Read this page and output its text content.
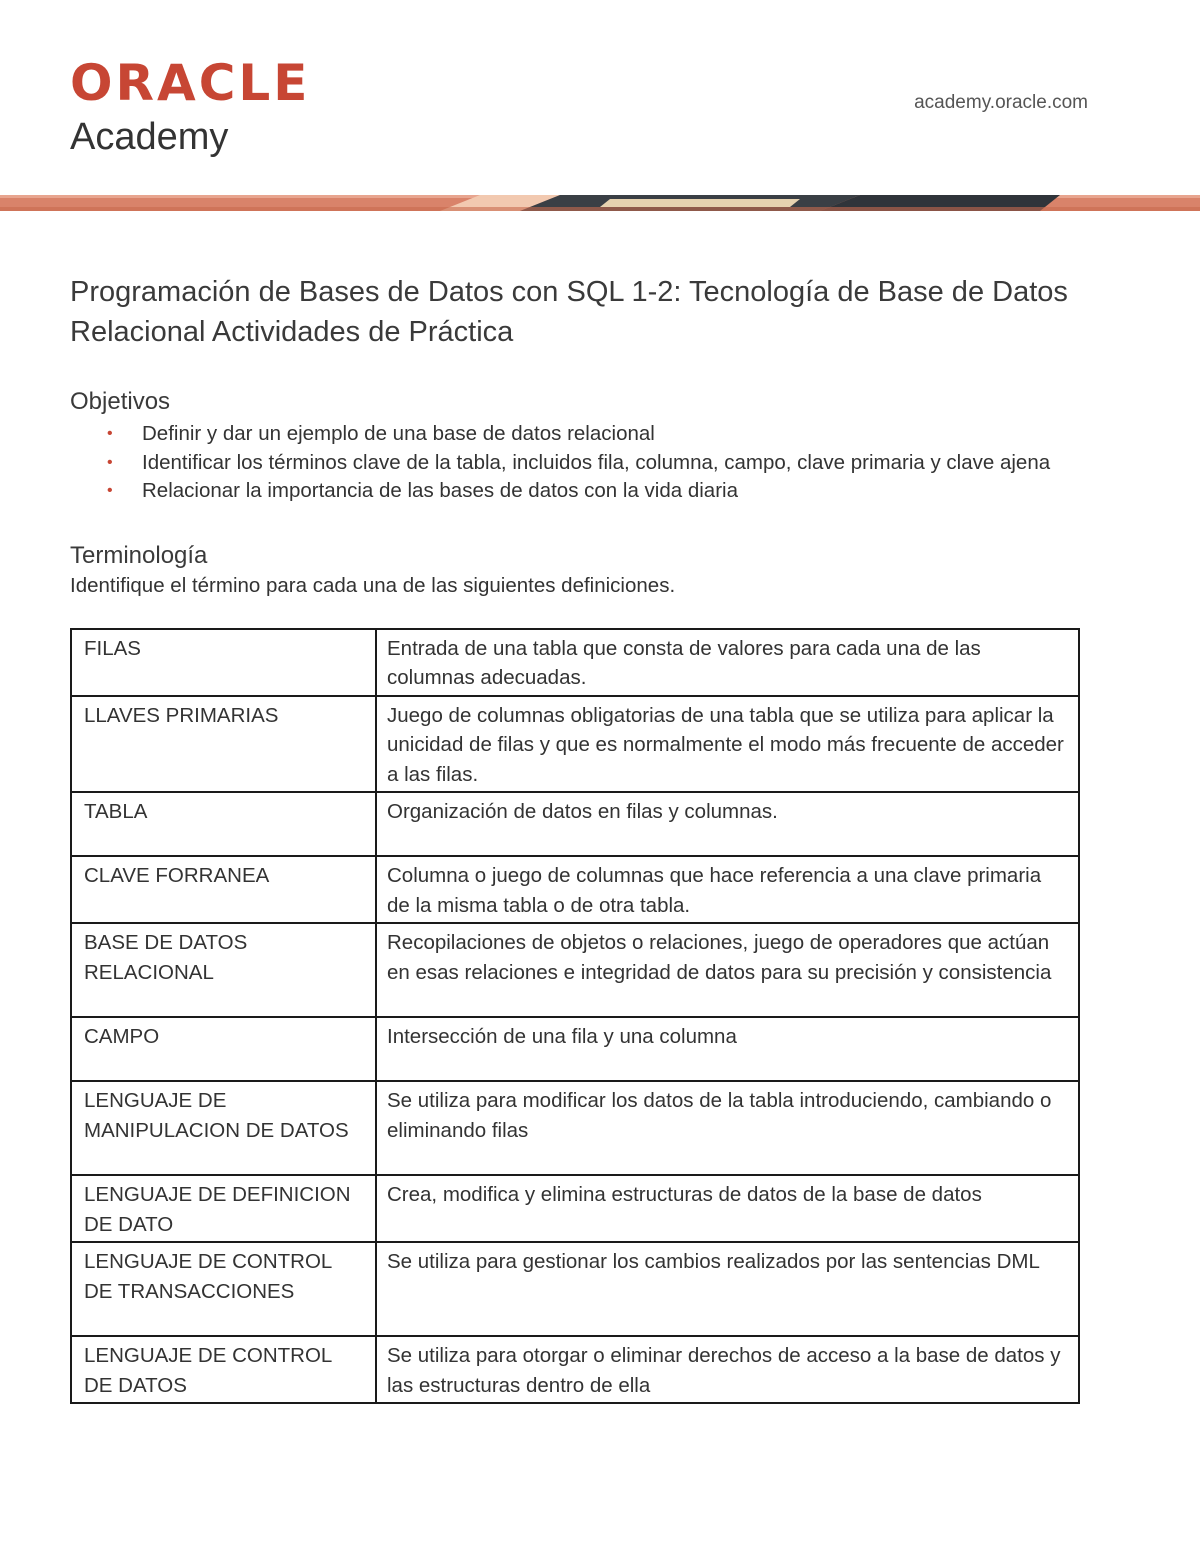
ORACLE
Academy
academy.oracle.com
Programación de Bases de Datos con SQL 1-2: Tecnología de Base de Datos Relacional Actividades de Práctica
Objetivos
• Definir y dar un ejemplo de una base de datos relacional
• Identificar los términos clave de la tabla, incluidos fila, columna, campo, clave primaria y clave ajena
• Relacionar la importancia de las bases de datos con la vida diaria
Terminología
Identifique el término para cada una de las siguientes definiciones.
FILAS	Entrada de una tabla que consta de valores para cada una de las columnas adecuadas.
LLAVES PRIMARIAS	Juego de columnas obligatorias de una tabla que se utiliza para aplicar la unicidad de filas y que es normalmente el modo más frecuente de acceder a las filas.
TABLA	Organización de datos en filas y columnas.
CLAVE FORRANEA	Columna o juego de columnas que hace referencia a una clave primaria de la misma tabla o de otra tabla.
BASE DE DATOS RELACIONAL	Recopilaciones de objetos o relaciones, juego de operadores que actúan en esas relaciones e integridad de datos para su precisión y consistencia
CAMPO	Intersección de una fila y una columna
LENGUAJE DE MANIPULACION DE DATOS	Se utiliza para modificar los datos de la tabla introduciendo, cambiando o eliminando filas
LENGUAJE DE DEFINICION DE DATO	Crea, modifica y elimina estructuras de datos de la base de datos
LENGUAJE DE CONTROL DE TRANSACCIONES	Se utiliza para gestionar los cambios realizados por las sentencias DML
LENGUAJE DE CONTROL DE DATOS	Se utiliza para otorgar o eliminar derechos de acceso a la base de datos y las estructuras dentro de ella
